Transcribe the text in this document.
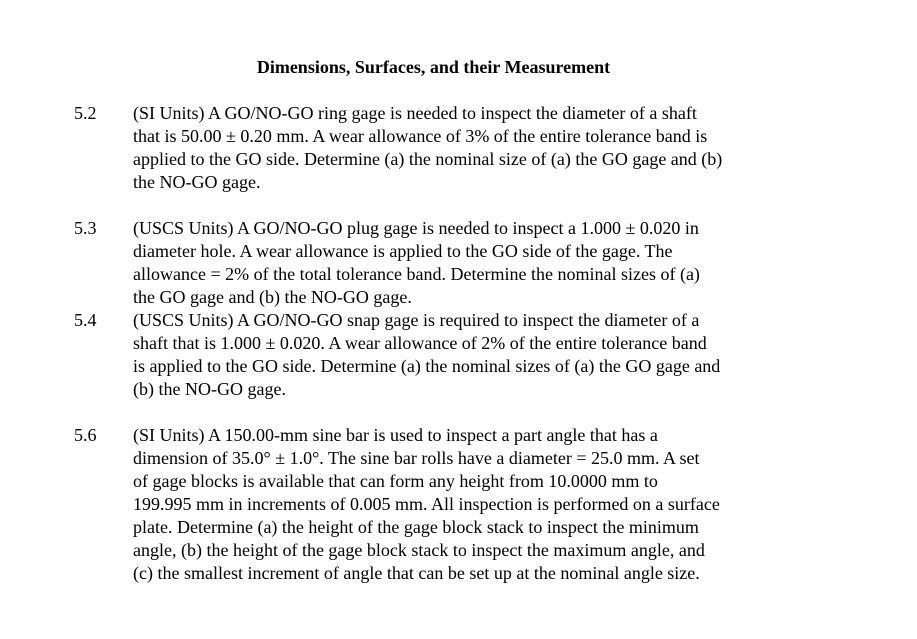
Dimensions, Surfaces, and their Measurement
5.2 (SI Units) A GO/NO-GO ring gage is needed to inspect the diameter of a shaft
that is 50.00 ± 0.20 mm. A wear allowance of 3% of the entire tolerance band is
applied to the GO side. Determine (a) the nominal size of (a) the GO gage and (b)
the NO-GO gage.
5.3 (USCS Units) A GO/NO-GO plug gage is needed to inspect a 1.000 ± 0.020 in
diameter hole. A wear allowance is applied to the GO side of the gage. The
allowance = 2% of the total tolerance band. Determine the nominal sizes of (a)
the GO gage and (b) the NO-GO gage.
5.4 (USCS Units) A GO/NO-GO snap gage is required to inspect the diameter of a
shaft that is 1.000 ± 0.020. A wear allowance of 2% of the entire tolerance band
is applied to the GO side. Determine (a) the nominal sizes of (a) the GO gage and
(b) the NO-GO gage.
5.6 (SI Units) A 150.00-mm sine bar is used to inspect a part angle that has a
dimension of 35.0° ± 1.0°. The sine bar rolls have a diameter = 25.0 mm. A set
of gage blocks is available that can form any height from 10.0000 mm to
199.995 mm in increments of 0.005 mm. All inspection is performed on a surface
plate. Determine (a) the height of the gage block stack to inspect the minimum
angle, (b) the height of the gage block stack to inspect the maximum angle, and
(c) the smallest increment of angle that can be set up at the nominal angle size.
